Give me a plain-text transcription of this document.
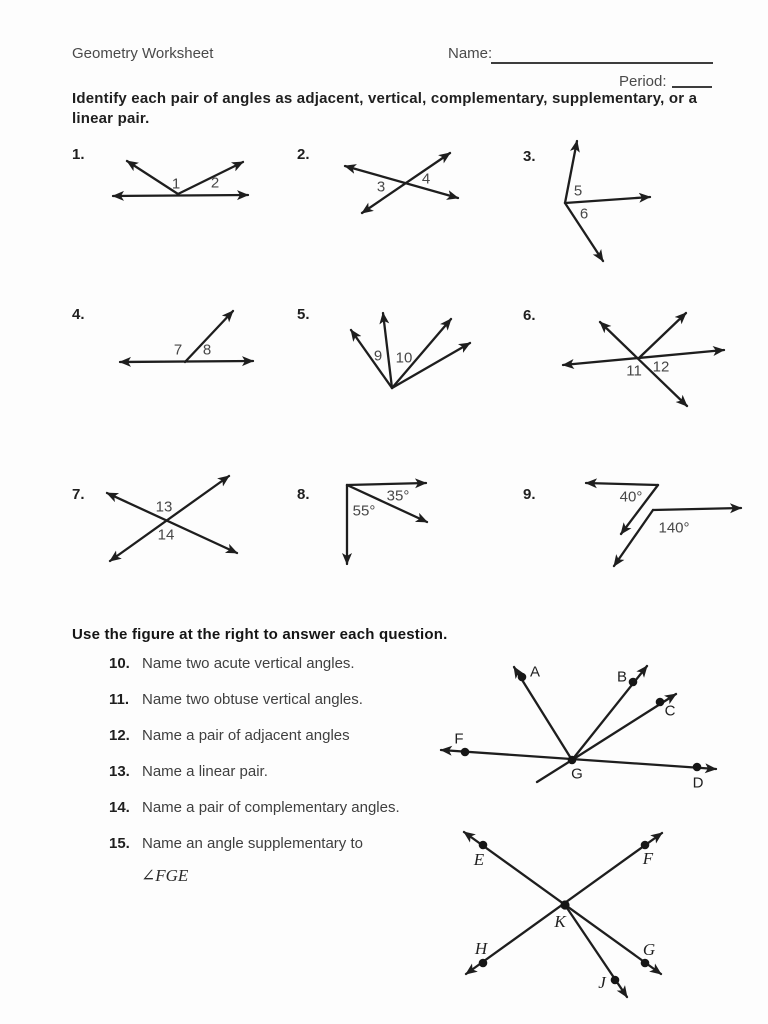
Geometry Worksheet	Name:
Period:
Identify each pair of angles as adjacent, vertical, complementary, supplementary, or a
linear pair.
1.	2.	3.
4.	5.	6.
7.	8.	9.
1 2	3 4
5
6
7 8	9 10
11 12
13
14
35°
55°
40°
140°
Use the figure at the right to answer each question.
10. Name two acute vertical angles.
11. Name two obtuse vertical angles.
12. Name a pair of adjacent angles
13. Name a linear pair.
14. Name a pair of complementary angles.
15. Name an angle supplementary to
∠FGE
A	B
C
D
F
G
E	F
G
H
J
K
